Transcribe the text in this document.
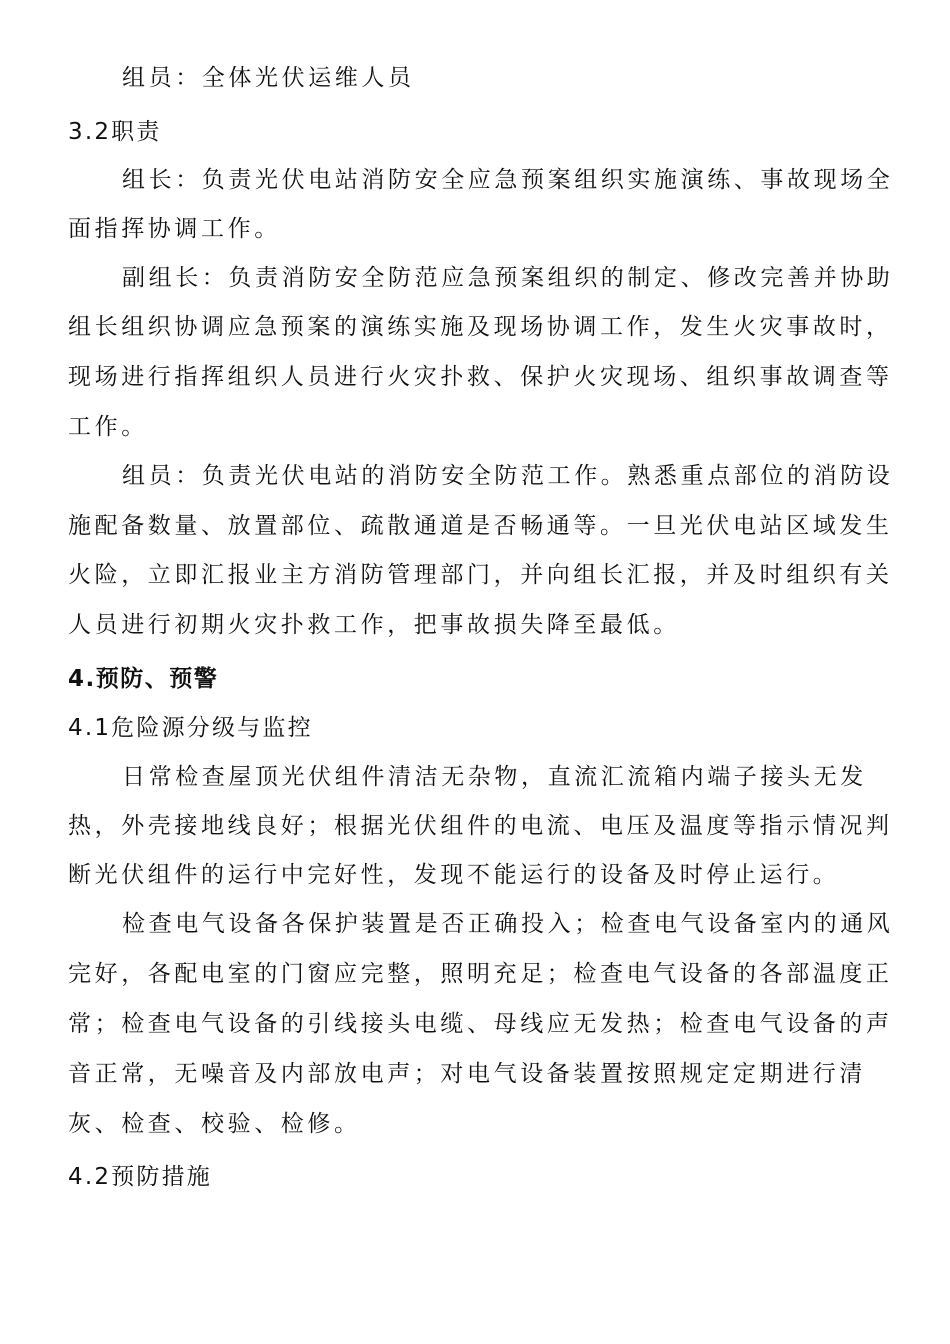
组员：全体光伏运维人员
3.2职责
组长：负责光伏电站消防安全应急预案组织实施演练、事故现场全
面指挥协调工作。
副组长：负责消防安全防范应急预案组织的制定、修改完善并协助
组长组织协调应急预案的演练实施及现场协调工作，发生火灾事故时，
现场进行指挥组织人员进行火灾扑救、保护火灾现场、组织事故调查等
工作。
组员：负责光伏电站的消防安全防范工作。熟悉重点部位的消防设
施配备数量、放置部位、疏散通道是否畅通等。一旦光伏电站区域发生
火险，立即汇报业主方消防管理部门，并向组长汇报，并及时组织有关
人员进行初期火灾扑救工作，把事故损失降至最低。
4.预防、预警
4.1危险源分级与监控
日常检查屋顶光伏组件清洁无杂物，直流汇流箱内端子接头无发
热，外壳接地线良好；根据光伏组件的电流、电压及温度等指示情况判
断光伏组件的运行中完好性，发现不能运行的设备及时停止运行。
检查电气设备各保护装置是否正确投入；检查电气设备室内的通风
完好，各配电室的门窗应完整，照明充足；检查电气设备的各部温度正
常；检查电气设备的引线接头电缆、母线应无发热；检查电气设备的声
音正常，无噪音及内部放电声；对电气设备装置按照规定定期进行清
灰、检查、校验、检修。
4.2预防措施
